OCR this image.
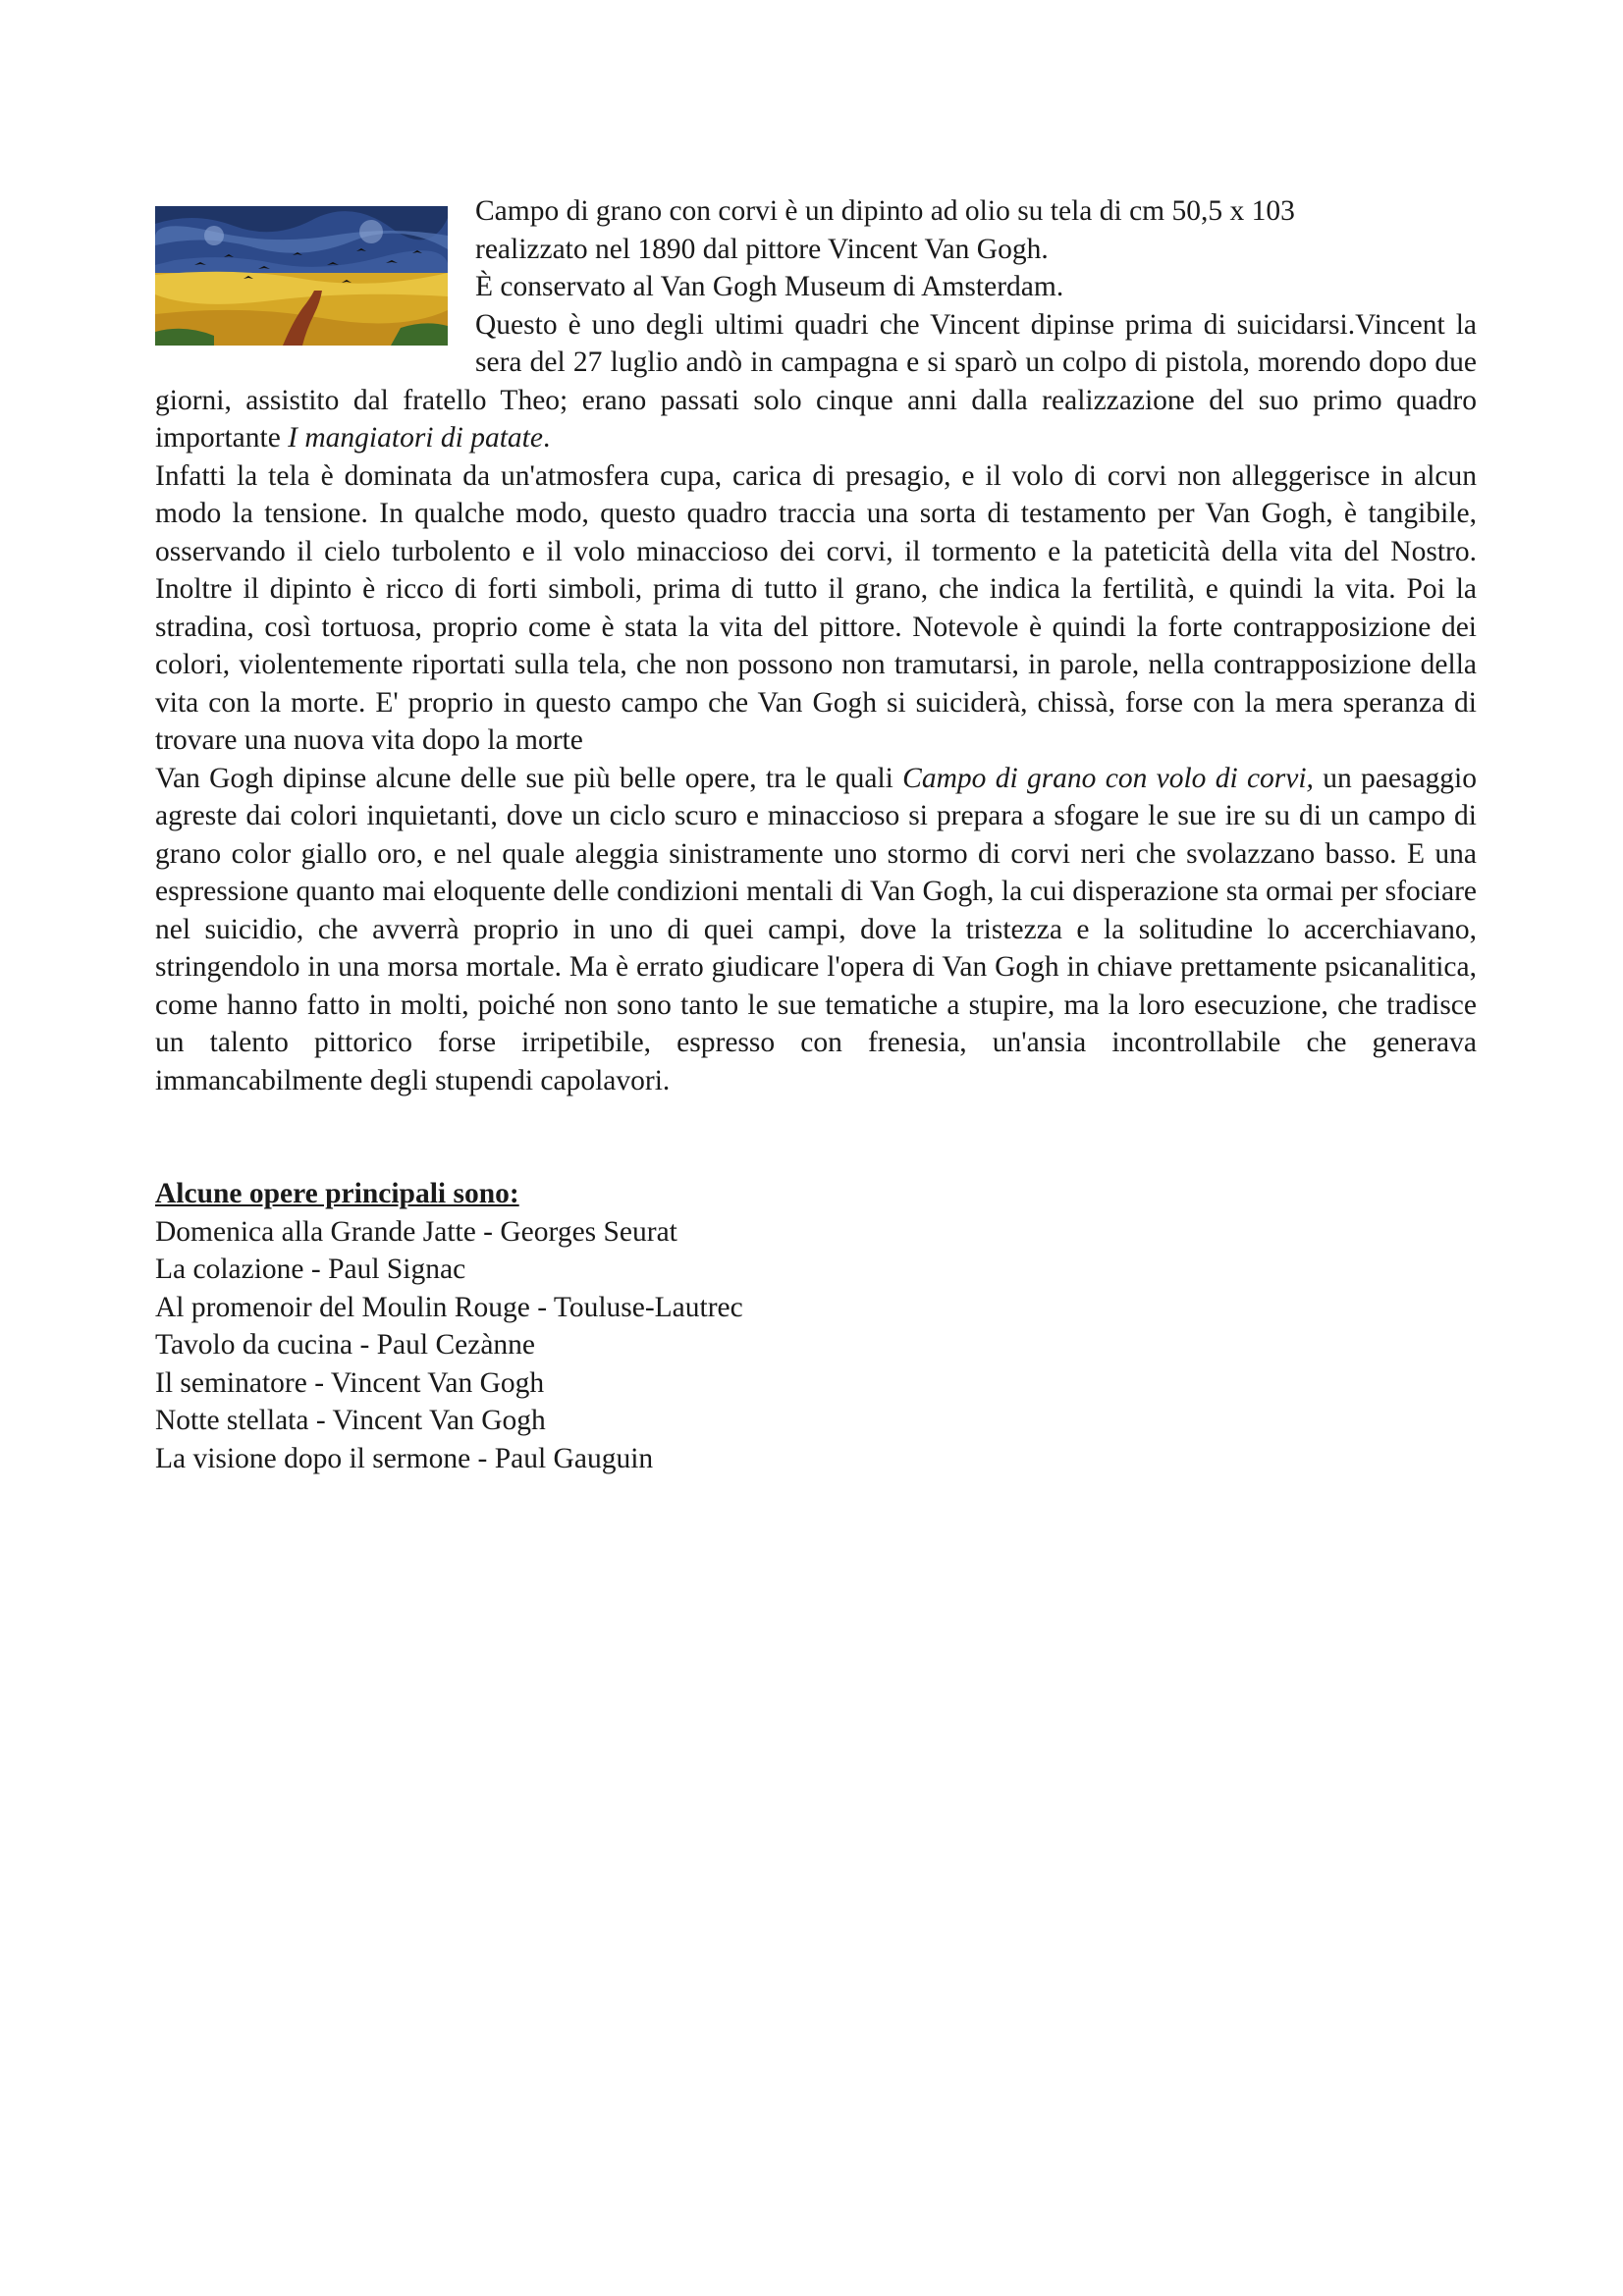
Campo di grano con corvi è un dipinto ad olio su tela di cm 50,5 x 103
realizzato nel 1890 dal pittore Vincent Van Gogh.
È conservato al Van Gogh Museum di Amsterdam.

Questo è uno degli ultimi quadri che Vincent dipinse prima di suicidarsi.Vincent la sera del 27 luglio andò in campagna e si sparò un colpo di pistola, morendo dopo due giorni, assistito dal fratello Theo; erano passati solo cinque anni dalla realizzazione del suo primo quadro importante I mangiatori di patate.

Infatti la tela è dominata da un'atmosfera cupa, carica di presagio, e il volo di corvi non alleggerisce in alcun modo la tensione. In qualche modo, questo quadro traccia una sorta di testamento per Van Gogh, è tangibile, osservando il cielo turbolento e il volo minaccioso dei corvi, il tormento e la pateticità della vita del Nostro. Inoltre il dipinto è ricco di forti simboli, prima di tutto il grano, che indica la fertilità, e quindi la vita. Poi la stradina, così tortuosa, proprio come è stata la vita del pittore. Notevole è quindi la forte contrapposizione dei colori, violentemente riportati sulla tela, che non possono non tramutarsi, in parole, nella contrapposizione della vita con la morte. E' proprio in questo campo che Van Gogh si suiciderà, chissà, forse con la mera speranza di trovare una nuova vita dopo la morte

Van Gogh dipinse alcune delle sue più belle opere, tra le quali Campo di grano con volo di corvi, un paesaggio agreste dai colori inquietanti, dove un ciclo scuro e minaccioso si prepara a sfogare le sue ire su di un campo di grano color giallo oro, e nel quale aleggia sinistramente uno stormo di corvi neri che svolazzano basso. E una espressione quanto mai eloquente delle condizioni mentali di Van Gogh, la cui disperazione sta ormai per sfociare nel suicidio, che avverrà proprio in uno di quei campi, dove la tristezza e la solitudine lo accerchiavano, stringendolo in una morsa mortale. Ma è errato giudicare l'opera di Van Gogh in chiave prettamente psicanalitica, come hanno fatto in molti, poiché non sono tanto le sue tematiche a stupire, ma la loro esecuzione, che tradisce un talento pittorico forse irripetibile, espresso con frenesia, un'ansia incontrollabile che generava immancabilmente degli stupendi capolavori.

Alcune opere principali sono:

Domenica alla Grande Jatte - Georges Seurat
La colazione - Paul Signac
Al promenoir del Moulin Rouge - Touluse-Lautrec
Tavolo da cucina - Paul Cezànne
Il seminatore - Vincent Van Gogh
Notte stellata - Vincent Van Gogh
La visione dopo il sermone - Paul Gauguin
